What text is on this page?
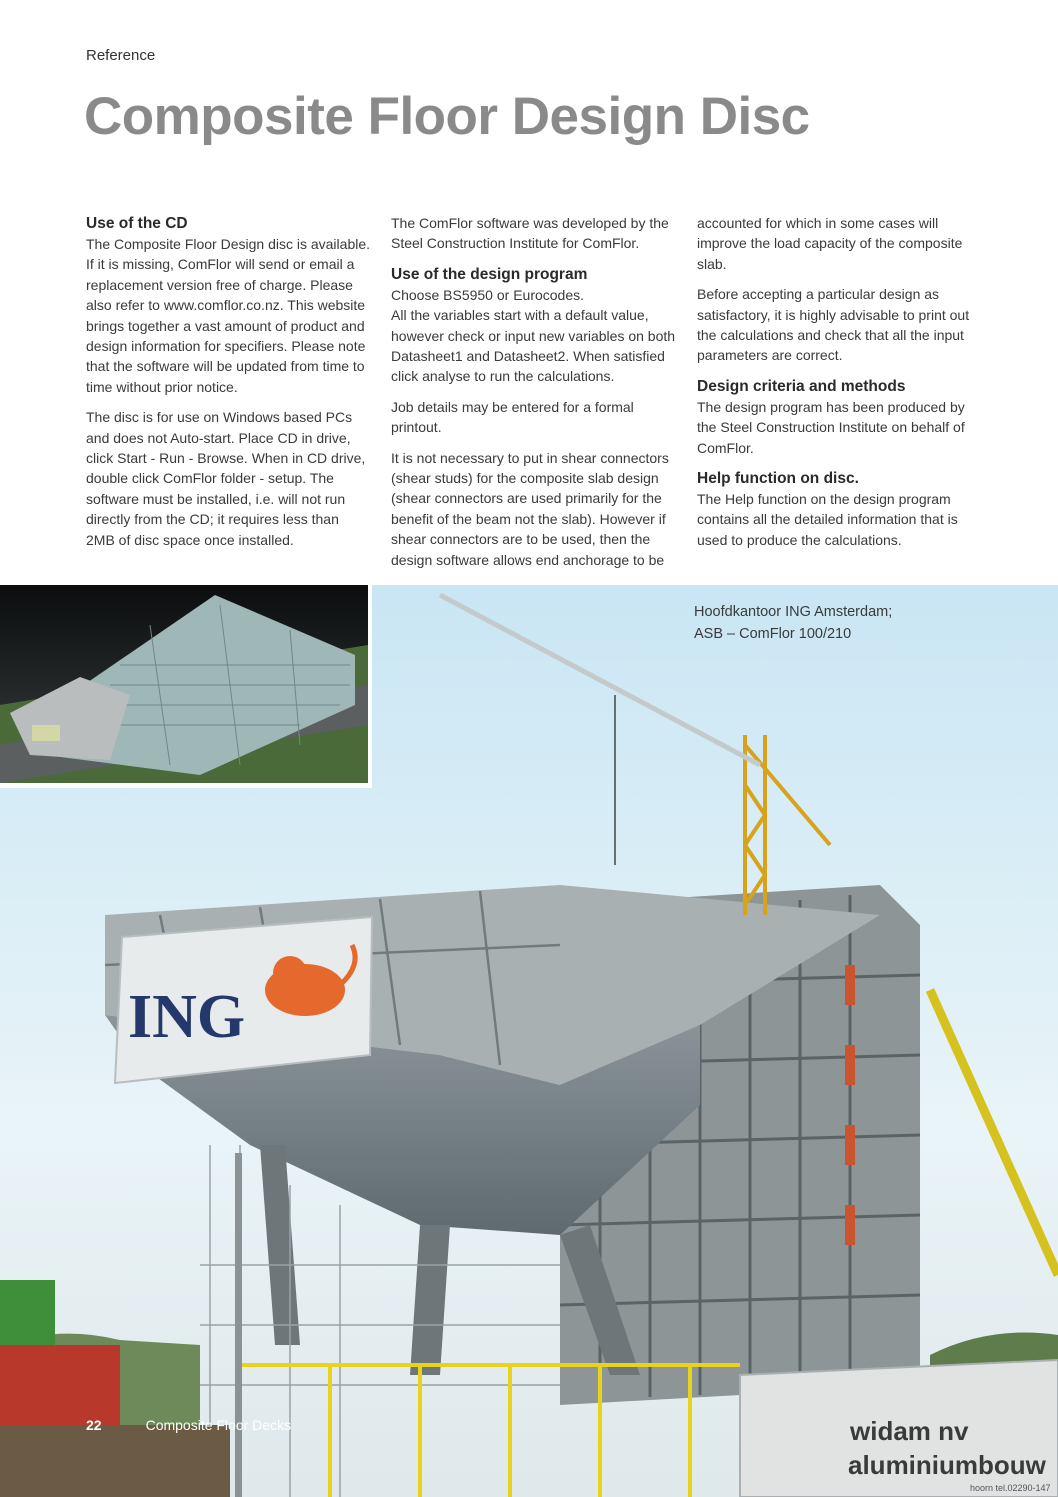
Reference
Composite Floor Design Disc
Use of the CD

The Composite Floor Design disc is available. If it is missing, ComFlor will send or email a replacement version free of charge. Please also refer to www.comflor.co.nz. This website brings together a vast amount of product and design information for specifiers. Please note that the software will be updated from time to time without prior notice.

The disc is for use on Windows based PCs and does not Auto-start. Place CD in drive, click Start - Run - Browse. When in CD drive, double click ComFlor folder - setup. The software must be installed, i.e. will not run directly from the CD; it requires less than 2MB of disc space once installed.

The ComFlor software was developed by the Steel Construction Institute for ComFlor.

Use of the design program

Choose BS5950 or Eurocodes.

All the variables start with a default value, however check or input new variables on both Datasheet1 and Datasheet2. When satisfied click analyse to run the calculations.

Job details may be entered for a formal printout.

It is not necessary to put in shear connectors (shear studs) for the composite slab design (shear connectors are used primarily for the benefit of the beam not the slab). However if shear connectors are to be used, then the design software allows end anchorage to be

accounted for which in some cases will improve the load capacity of the composite slab.

Before accepting a particular design as satisfactory, it is highly advisable to print out the calculations and check that all the input parameters are correct.

Design criteria and methods

The design program has been produced by the Steel Construction Institute on behalf of ComFlor.

Help function on disc.

The Help function on the design program contains all the detailed information that is used to produce the calculations.

ING
widam nv
aluminiumbouw
hoorn tel.02290-147
Hoofdkantoor ING Amsterdam;
ASB – ComFlor 100/210
22	Composite Floor Decks
